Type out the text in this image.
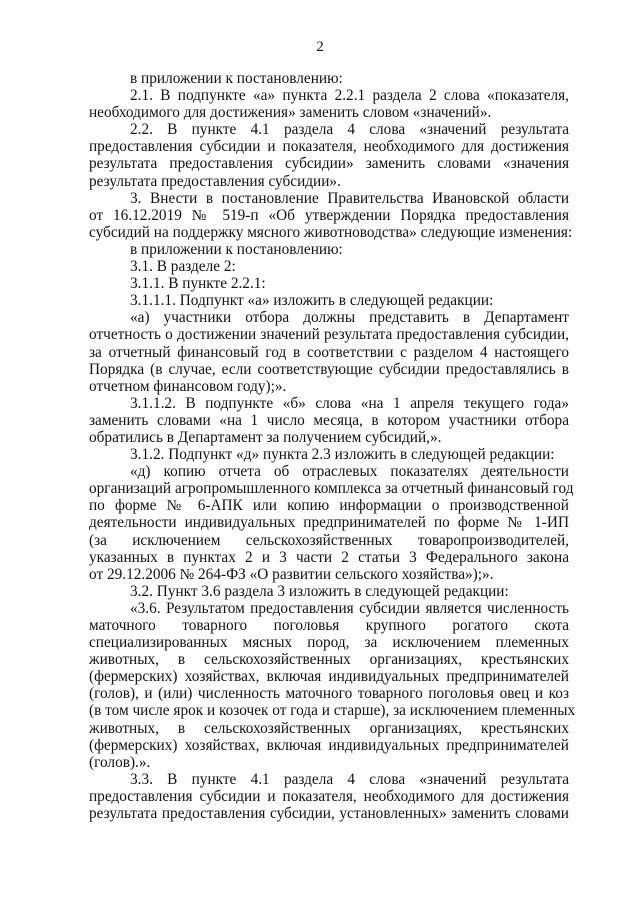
2
в приложении к постановлению:
2.1. В подпункте «а» пункта 2.2.1 раздела 2 слова «показателя,
необходимого для достижения» заменить словом «значений».
2.2. В пункте 4.1 раздела 4 слова «значений результата
предоставления субсидии и показателя, необходимого для достижения
результата предоставления субсидии» заменить словами «значения
результата предоставления субсидии».
3. Внести в постановление Правительства Ивановской области
от 16.12.2019 № 519-п «Об утверждении Порядка предоставления
субсидий на поддержку мясного животноводства» следующие изменения:
в приложении к постановлению:
3.1. В разделе 2:
3.1.1. В пункте 2.2.1:
3.1.1.1. Подпункт «а» изложить в следующей редакции:
«а) участники отбора должны представить в Департамент
отчетность о достижении значений результата предоставления субсидии,
за отчетный финансовый год в соответствии с разделом 4 настоящего
Порядка (в случае, если соответствующие субсидии предоставлялись в
отчетном финансовом году);».
3.1.1.2. В подпункте «б» слова «на 1 апреля текущего года»
заменить словами «на 1 число месяца, в котором участники отбора
обратились в Департамент за получением субсидий,».
3.1.2. Подпункт «д» пункта 2.3 изложить в следующей редакции:
«д) копию отчета об отраслевых показателях деятельности
организаций агропромышленного комплекса за отчетный финансовый год
по форме № 6-АПК или копию информации о производственной
деятельности индивидуальных предпринимателей по форме № 1-ИП
(за исключением сельскохозяйственных товаропроизводителей,
указанных в пунктах 2 и 3 части 2 статьи 3 Федерального закона
от 29.12.2006 № 264-ФЗ «О развитии сельского хозяйства»);».
3.2. Пункт 3.6 раздела 3 изложить в следующей редакции:
«3.6. Результатом предоставления субсидии является численность
маточного товарного поголовья крупного рогатого скота
специализированных мясных пород, за исключением племенных
животных, в сельскохозяйственных организациях, крестьянских
(фермерских) хозяйствах, включая индивидуальных предпринимателей
(голов), и (или) численность маточного товарного поголовья овец и коз
(в том числе ярок и козочек от года и старше), за исключением племенных
животных, в сельскохозяйственных организациях, крестьянских
(фермерских) хозяйствах, включая индивидуальных предпринимателей
(голов).».
3.3. В пункте 4.1 раздела 4 слова «значений результата
предоставления субсидии и показателя, необходимого для достижения
результата предоставления субсидии, установленных» заменить словами
